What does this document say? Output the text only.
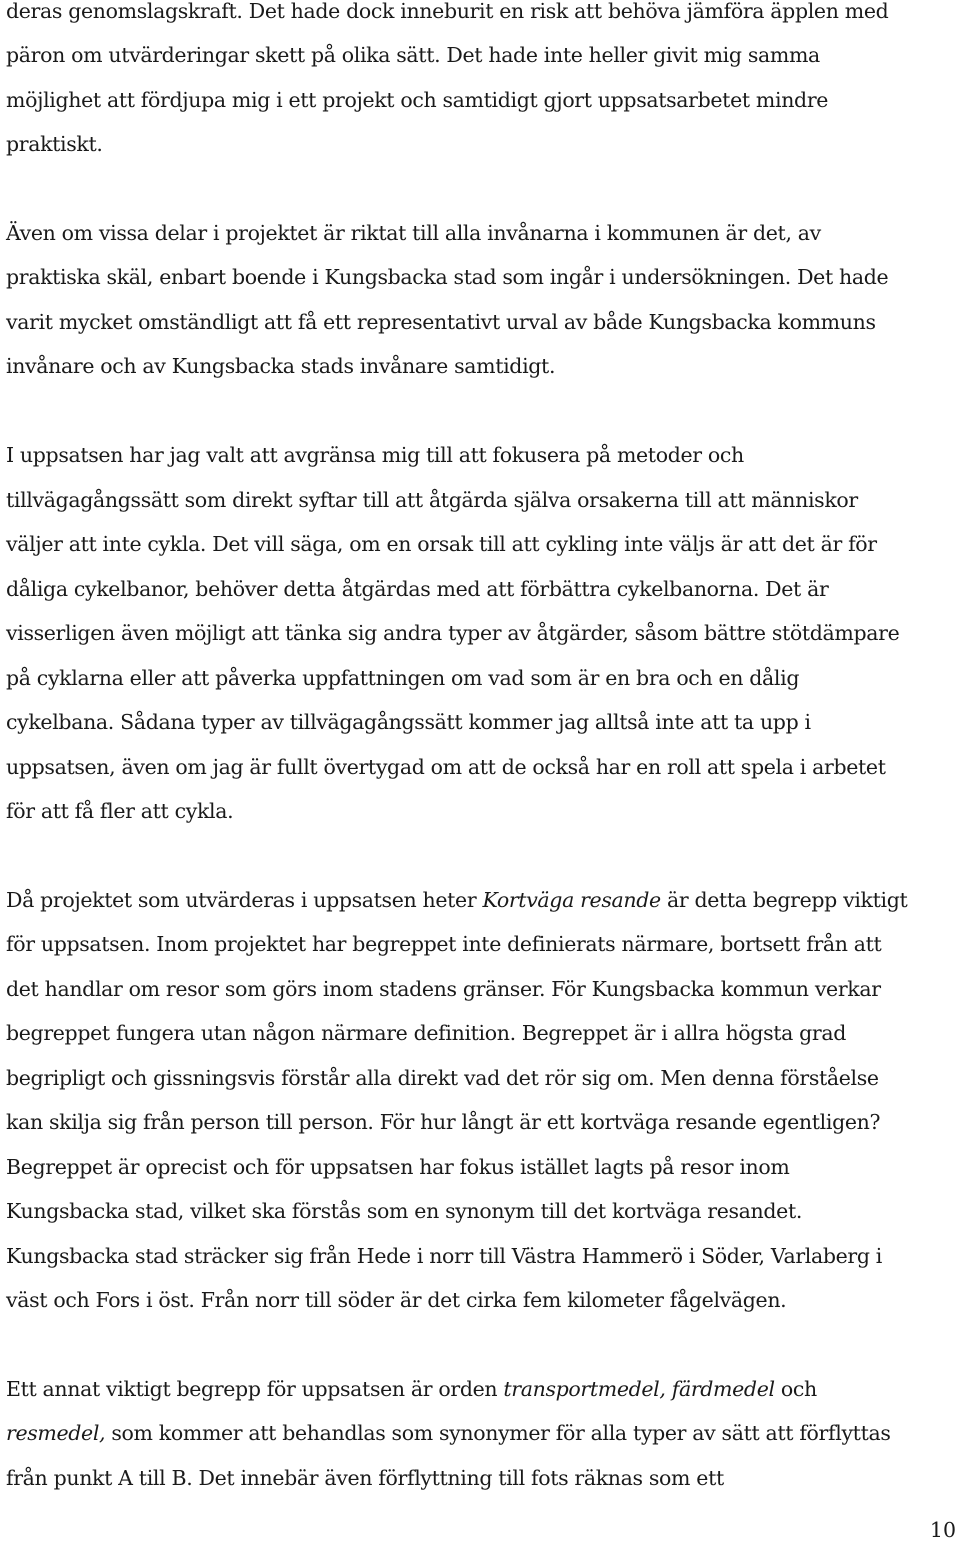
deras genomslagskraft. Det hade dock inneburit en risk att behöva jämföra äpplen med
päron om utvärderingar skett på olika sätt. Det hade inte heller givit mig samma
möjlighet att fördjupa mig i ett projekt och samtidigt gjort uppsatsarbetet mindre
praktiskt.
Även om vissa delar i projektet är riktat till alla invånarna i kommunen är det, av
praktiska skäl, enbart boende i Kungsbacka stad som ingår i undersökningen. Det hade
varit mycket omständligt att få ett representativt urval av både Kungsbacka kommuns
invånare och av Kungsbacka stads invånare samtidigt.
I uppsatsen har jag valt att avgränsa mig till att fokusera på metoder och
tillvägagångssätt som direkt syftar till att åtgärda själva orsakerna till att människor
väljer att inte cykla. Det vill säga, om en orsak till att cykling inte väljs är att det är för
dåliga cykelbanor, behöver detta åtgärdas med att förbättra cykelbanorna. Det är
visserligen även möjligt att tänka sig andra typer av åtgärder, såsom bättre stötdämpare
på cyklarna eller att påverka uppfattningen om vad som är en bra och en dålig
cykelbana. Sådana typer av tillvägagångssätt kommer jag alltså inte att ta upp i
uppsatsen, även om jag är fullt övertygad om att de också har en roll att spela i arbetet
för att få fler att cykla.
Då projektet som utvärderas i uppsatsen heter Kortväga resande är detta begrepp viktigt
för uppsatsen. Inom projektet har begreppet inte definierats närmare, bortsett från att
det handlar om resor som görs inom stadens gränser. För Kungsbacka kommun verkar
begreppet fungera utan någon närmare definition. Begreppet är i allra högsta grad
begripligt och gissningsvis förstår alla direkt vad det rör sig om. Men denna förståelse
kan skilja sig från person till person. För hur långt är ett kortväga resande egentligen?
Begreppet är oprecist och för uppsatsen har fokus istället lagts på resor inom
Kungsbacka stad, vilket ska förstås som en synonym till det kortväga resandet.
Kungsbacka stad sträcker sig från Hede i norr till Västra Hammerö i Söder, Varlaberg i
väst och Fors i öst. Från norr till söder är det cirka fem kilometer fågelvägen.
Ett annat viktigt begrepp för uppsatsen är orden transportmedel, färdmedel och
resmedel, som kommer att behandlas som synonymer för alla typer av sätt att förflyttas
från punkt A till B. Det innebär även förflyttning till fots räknas som ett
10
